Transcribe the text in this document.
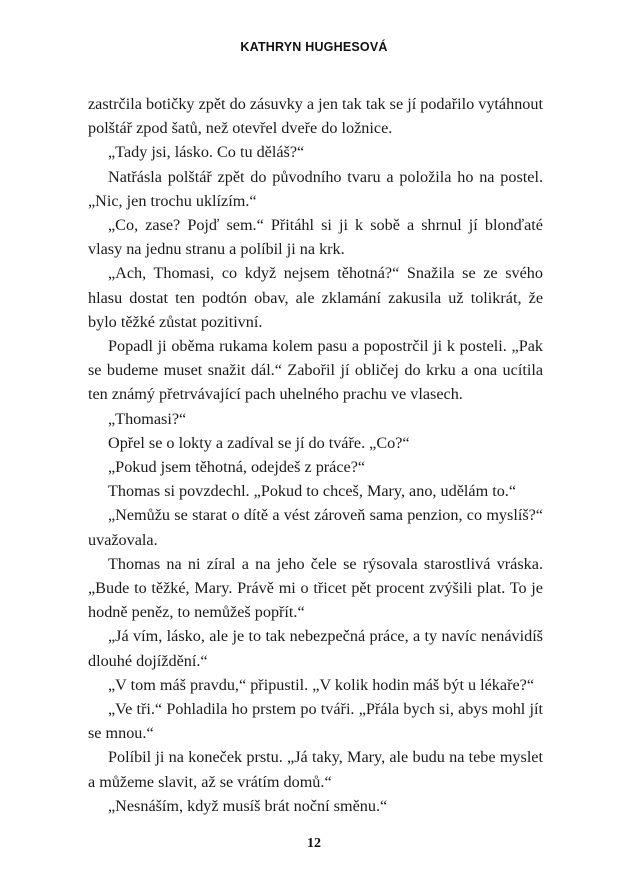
KATHRYN HUGHESOVÁ

zastrčila botičky zpět do zásuvky a jen tak tak se jí podařilo vytáhnout polštář zpod šatů, než otevřel dveře do ložnice.

„Tady jsi, lásko. Co tu děláš?“

Natřásla polštář zpět do původního tvaru a položila ho na postel. „Nic, jen trochu uklízím.“

„Co, zase? Pojď sem.“ Přitáhl si ji k sobě a shrnul jí blonďaté vlasy na jednu stranu a políbil ji na krk.

„Ach, Thomasi, co když nejsem těhotná?“ Snažila se ze svého hlasu dostat ten podtón obav, ale zklamání zakusila už tolikrát, že bylo těžké zůstat pozitivní.

Popadl ji oběma rukama kolem pasu a popostrčil ji k posteli. „Pak se budeme muset snažit dál.“ Zabořil jí obličej do krku a ona ucítila ten známý přetrvávající pach uhelného prachu ve vlasech.

„Thomasi?“

Opřel se o lokty a zadíval se jí do tváře. „Co?“

„Pokud jsem těhotná, odejdeš z práce?“

Thomas si povzdechl. „Pokud to chceš, Mary, ano, udělám to.“

„Nemůžu se starat o dítě a vést zároveň sama penzion, co myslíš?“ uvažovala.

Thomas na ni zíral a na jeho čele se rýsovala starostlivá vráska. „Bude to těžké, Mary. Právě mi o třicet pět procent zvýšili plat. To je hodně peněz, to nemůžeš popřít.“

„Já vím, lásko, ale je to tak nebezpečná práce, a ty navíc nenávidíš dlouhé dojíždění.“

„V tom máš pravdu,“ připustil. „V kolik hodin máš být u lékaře?“

„Ve tři.“ Pohladila ho prstem po tváři. „Přála bych si, abys mohl jít se mnou.“

Políbil ji na koneček prstu. „Já taky, Mary, ale budu na tebe myslet a můžeme slavit, až se vrátím domů.“

„Nesnáším, když musíš brát noční směnu.“

12
